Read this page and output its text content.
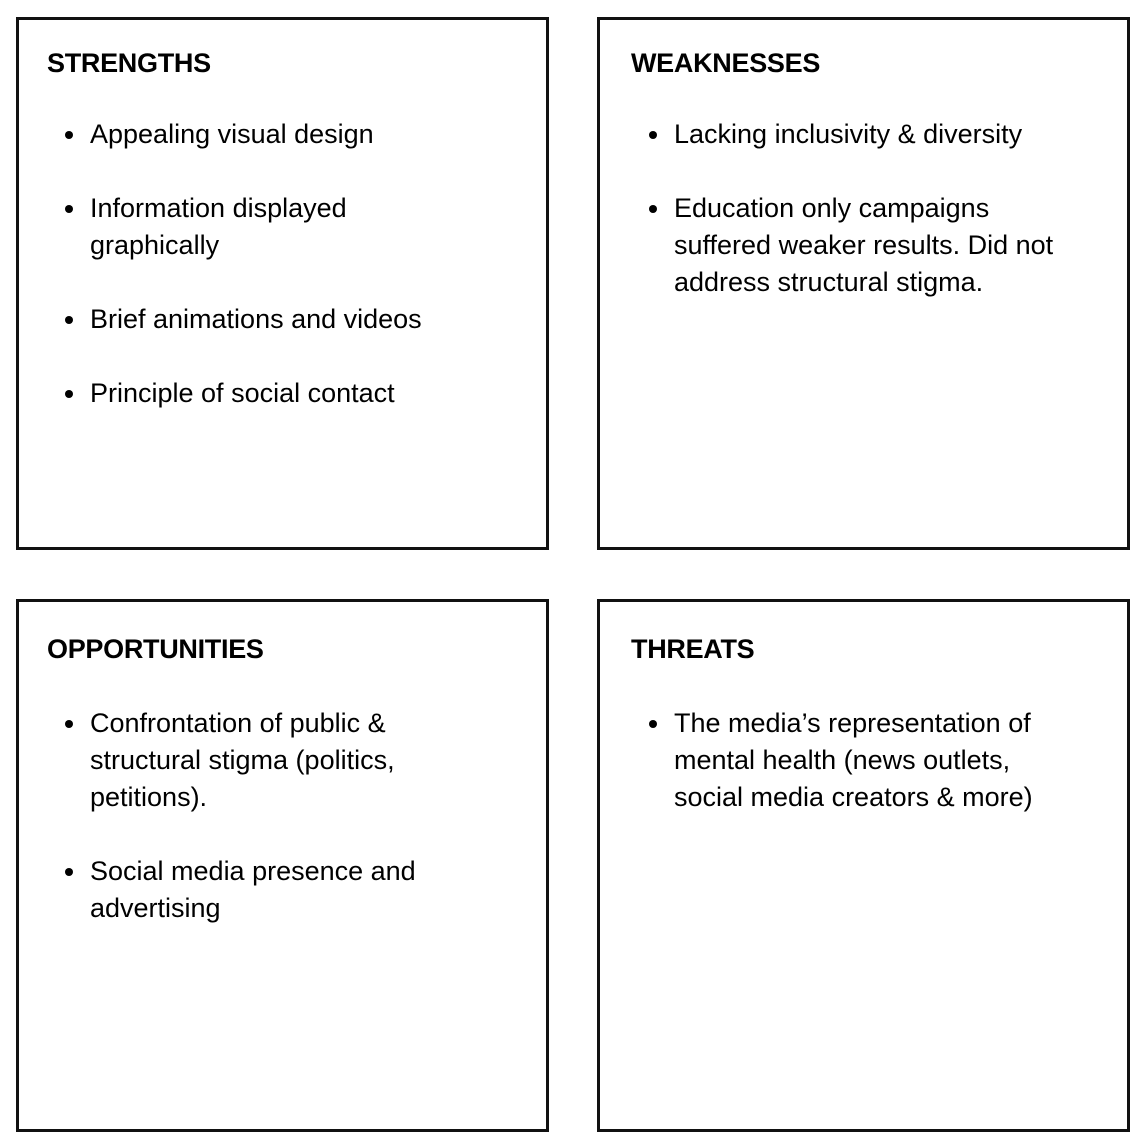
STRENGTHS
Appealing visual design
Information displayed graphically
Brief animations and videos
Principle of social contact
WEAKNESSES
Lacking inclusivity & diversity
Education only campaigns suffered weaker results. Did not address structural stigma.
OPPORTUNITIES
Confrontation of public & structural stigma (politics, petitions).
Social media presence and advertising
THREATS
The media’s representation of mental health (news outlets, social media creators & more)
